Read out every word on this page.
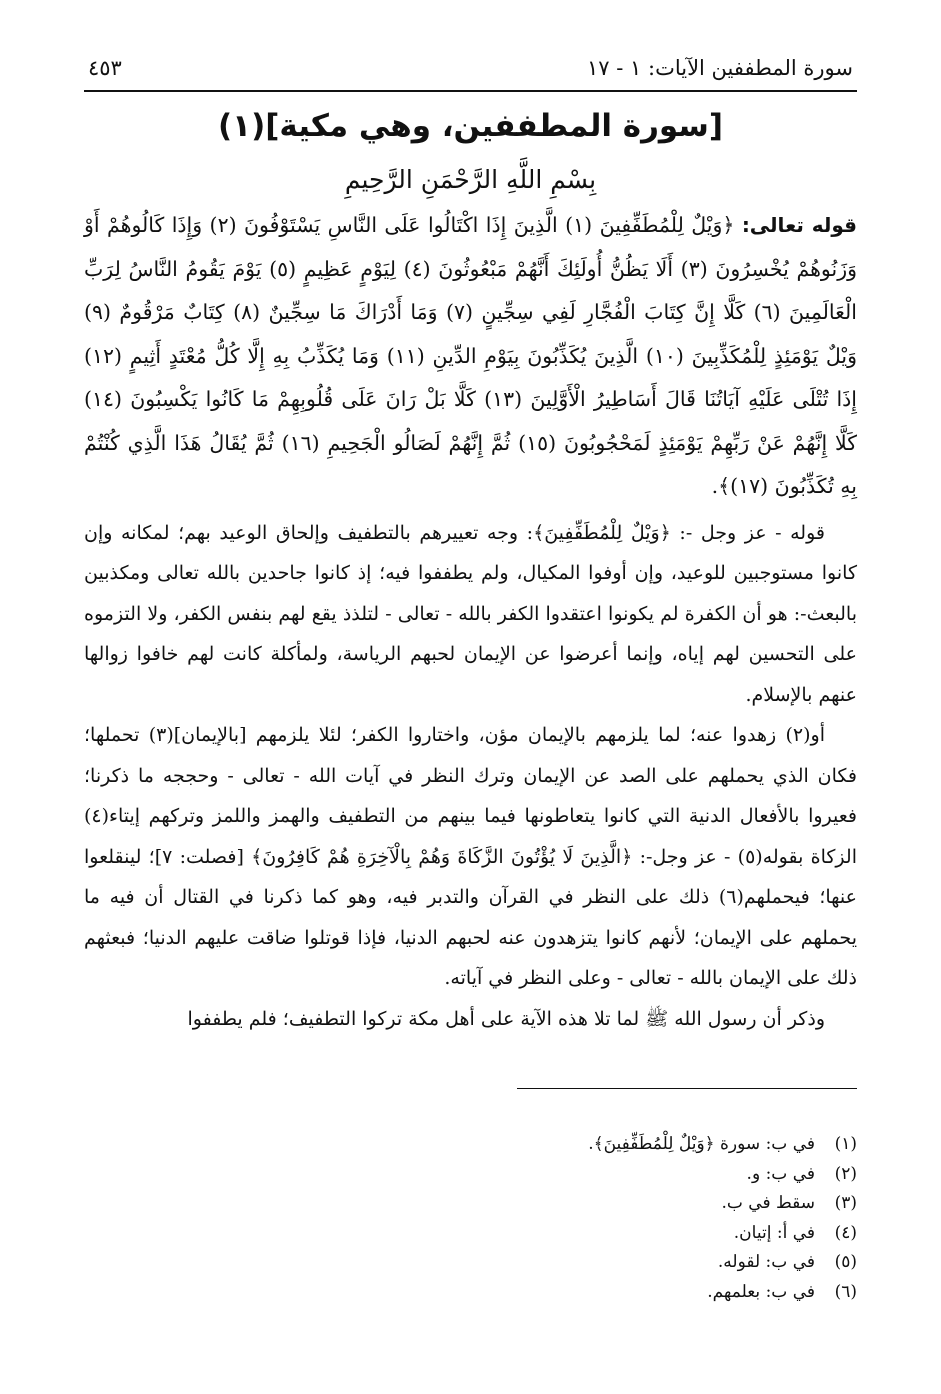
سورة المطففين الآيات: ١ - ١٧
٤٥٣
[سورة المطففين، وهي مكية](١)
بِسْمِ اللَّهِ الرَّحْمَنِ الرَّحِيمِ

قوله تعالى: ﴿وَيْلٌ لِلْمُطَفِّفِينَ (١) الَّذِينَ إِذَا اكْتَالُوا عَلَى النَّاسِ يَسْتَوْفُونَ (٢) وَإِذَا كَالُوهُمْ أَوْ وَزَنُوهُمْ يُخْسِرُونَ (٣) أَلَا يَظُنُّ أُولَئِكَ أَنَّهُمْ مَبْعُوثُونَ (٤) لِيَوْمٍ عَظِيمٍ (٥) يَوْمَ يَقُومُ النَّاسُ لِرَبِّ الْعَالَمِينَ (٦) كَلَّا إِنَّ كِتَابَ الْفُجَّارِ لَفِي سِجِّينٍ (٧) وَمَا أَدْرَاكَ مَا سِجِّينٌ (٨) كِتَابٌ مَرْقُومٌ (٩) وَيْلٌ يَوْمَئِذٍ لِلْمُكَذِّبِينَ (١٠) الَّذِينَ يُكَذِّبُونَ بِيَوْمِ الدِّينِ (١١) وَمَا يُكَذِّبُ بِهِ إِلَّا كُلُّ مُعْتَدٍ أَثِيمٍ (١٢) إِذَا تُتْلَى عَلَيْهِ آيَاتُنَا قَالَ أَسَاطِيرُ الْأَوَّلِينَ (١٣) كَلَّا بَلْ رَانَ عَلَى قُلُوبِهِمْ مَا كَانُوا يَكْسِبُونَ (١٤) كَلَّا إِنَّهُمْ عَنْ رَبِّهِمْ يَوْمَئِذٍ لَمَحْجُوبُونَ (١٥) ثُمَّ إِنَّهُمْ لَصَالُو الْجَحِيمِ (١٦) ثُمَّ يُقَالُ هَذَا الَّذِي كُنْتُمْ بِهِ تُكَذِّبُونَ (١٧)﴾.

قوله - عز وجل -: ﴿وَيْلٌ لِلْمُطَفِّفِينَ﴾: وجه تعييرهم بالتطفيف وإلحاق الوعيد بهم؛ لمكانه وإن كانوا مستوجبين للوعيد، وإن أوفوا المكيال، ولم يطففوا فيه؛ إذ كانوا جاحدين بالله تعالى ومكذبين بالبعث-: هو أن الكفرة لم يكونوا اعتقدوا الكفر بالله - تعالى - لتلذذ يقع لهم بنفس الكفر، ولا التزموه على التحسين لهم إياه، وإنما أعرضوا عن الإيمان لحبهم الرياسة، ولمأكلة كانت لهم خافوا زوالها عنهم بالإسلام.

أو(٢) زهدوا عنه؛ لما يلزمهم بالإيمان مؤن، واختاروا الكفر؛ لئلا يلزمهم [بالإيمان](٣) تحملها؛ فكان الذي يحملهم على الصد عن الإيمان وترك النظر في آيات الله - تعالى - وحججه ما ذكرنا؛ فعيروا بالأفعال الدنية التي كانوا يتعاطونها فيما بينهم من التطفيف والهمز واللمز وتركهم إيتاء(٤) الزكاة بقوله(٥) - عز وجل-: ﴿الَّذِينَ لَا يُؤْتُونَ الزَّكَاةَ وَهُمْ بِالْآخِرَةِ هُمْ كَافِرُونَ﴾ [فصلت: ٧]؛ لينقلعوا عنها؛ فيحملهم(٦) ذلك على النظر في القرآن والتدبر فيه، وهو كما ذكرنا في القتال أن فيه ما يحملهم على الإيمان؛ لأنهم كانوا يتزهدون عنه لحبهم الدنيا، فإذا قوتلوا ضاقت عليهم الدنيا؛ فبعثهم ذلك على الإيمان بالله - تعالى - وعلى النظر في آياته.

وذكر أن رسول الله ﷺ لما تلا هذه الآية على أهل مكة تركوا التطفيف؛ فلم يطففوا

(١)
في ب: سورة ﴿وَيْلٌ لِلْمُطَفِّفِينَ﴾.
(٢)
في ب: و.
(٣)
سقط في ب.
(٤)
في أ: إتيان.
(٥)
في ب: لقوله.
(٦)
في ب: بعلمهم.
